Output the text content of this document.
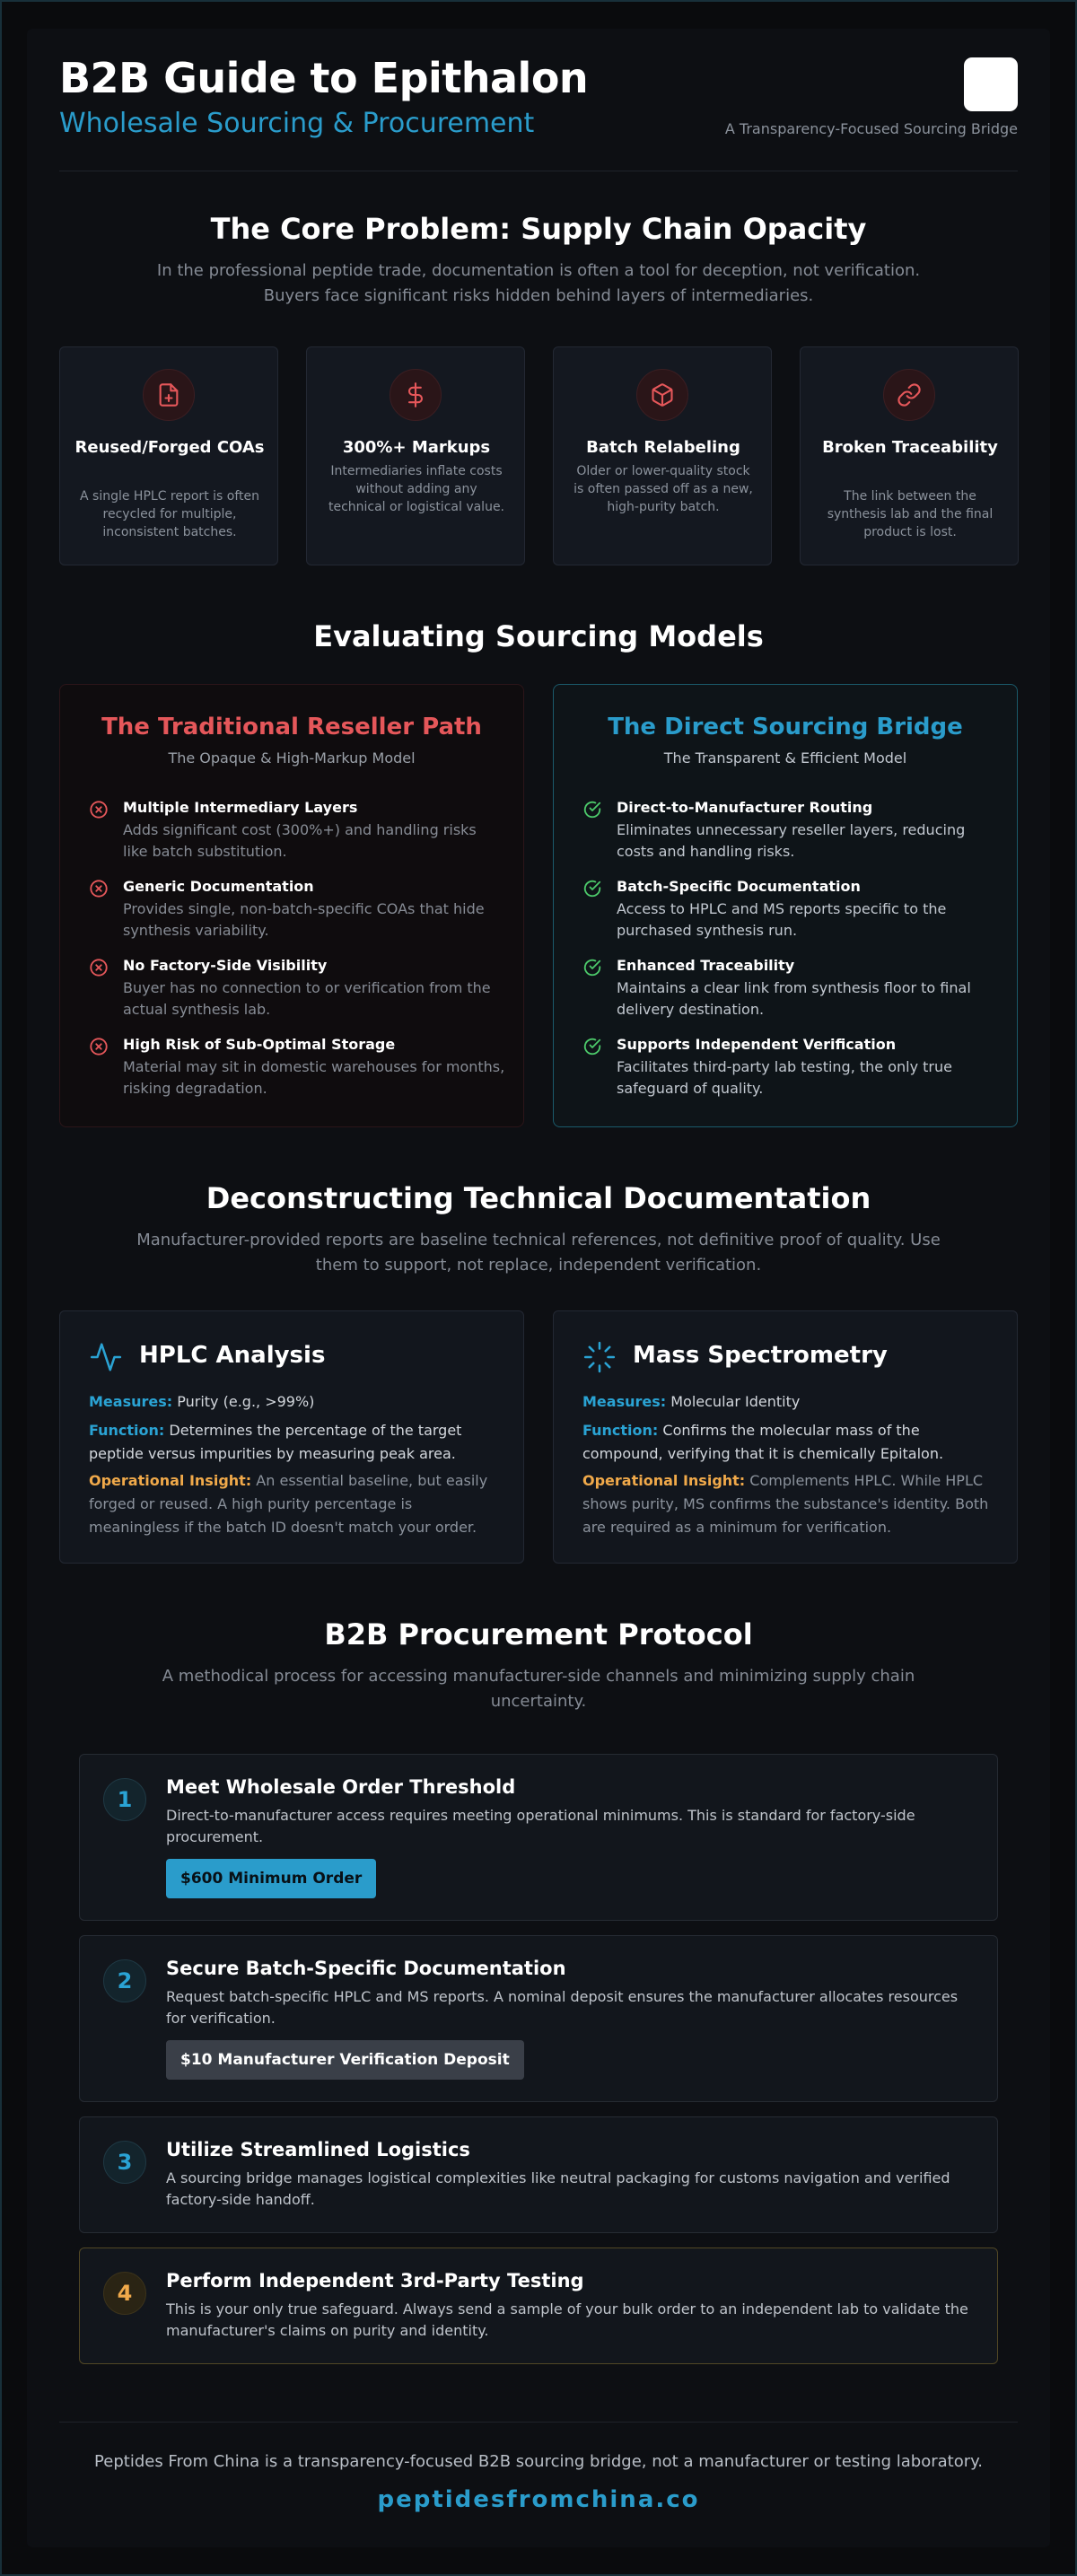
B2B Guide to Epithalon
Wholesale Sourcing & Procurement	A Transparency-Focused Sourcing Bridge
The Core Problem: Supply Chain Opacity
In the professional peptide trade, documentation is often a tool for deception, not verification. Buyers face significant risks hidden behind layers of intermediaries.
Reused/Forged COAs
A single HPLC report is often recycled for multiple, inconsistent batches.
300%+ Markups
Intermediaries inflate costs without adding any technical or logistical value.
Batch Relabeling
Older or lower-quality stock is often passed off as a new, high-purity batch.
Broken Traceability
The link between the synthesis lab and the final product is lost.
Evaluating Sourcing Models
The Traditional Reseller Path
The Opaque & High-Markup Model
Multiple Intermediary Layers
Adds significant cost (300%+) and handling risks like batch substitution.
Generic Documentation
Provides single, non-batch-specific COAs that hide synthesis variability.
No Factory-Side Visibility
Buyer has no connection to or verification from the actual synthesis lab.
High Risk of Sub-Optimal Storage
Material may sit in domestic warehouses for months, risking degradation.
The Direct Sourcing Bridge
The Transparent & Efficient Model
Direct-to-Manufacturer Routing
Eliminates unnecessary reseller layers, reducing costs and handling risks.
Batch-Specific Documentation
Access to HPLC and MS reports specific to the purchased synthesis run.
Enhanced Traceability
Maintains a clear link from synthesis floor to final delivery destination.
Supports Independent Verification
Facilitates third-party lab testing, the only true safeguard of quality.
Deconstructing Technical Documentation
Manufacturer-provided reports are baseline technical references, not definitive proof of quality. Use them to support, not replace, independent verification.
HPLC Analysis
Measures: Purity (e.g., >99%)
Function: Determines the percentage of the target peptide versus impurities by measuring peak area.
Operational Insight: An essential baseline, but easily forged or reused. A high purity percentage is meaningless if the batch ID doesn't match your order.
Mass Spectrometry
Measures: Molecular Identity
Function: Confirms the molecular mass of the compound, verifying that it is chemically Epitalon.
Operational Insight: Complements HPLC. While HPLC shows purity, MS confirms the substance's identity. Both are required as a minimum for verification.
B2B Procurement Protocol
A methodical process for accessing manufacturer-side channels and minimizing supply chain uncertainty.
1	Meet Wholesale Order Threshold
Direct-to-manufacturer access requires meeting operational minimums. This is standard for factory-side procurement.
$600 Minimum Order
2	Secure Batch-Specific Documentation
Request batch-specific HPLC and MS reports. A nominal deposit ensures the manufacturer allocates resources for verification.
$10 Manufacturer Verification Deposit
3	Utilize Streamlined Logistics
A sourcing bridge manages logistical complexities like neutral packaging for customs navigation and verified factory-side handoff.
4	Perform Independent 3rd-Party Testing
This is your only true safeguard. Always send a sample of your bulk order to an independent lab to validate the manufacturer's claims on purity and identity.
Peptides From China is a transparency-focused B2B sourcing bridge, not a manufacturer or testing laboratory.
peptidesfromchina.co
